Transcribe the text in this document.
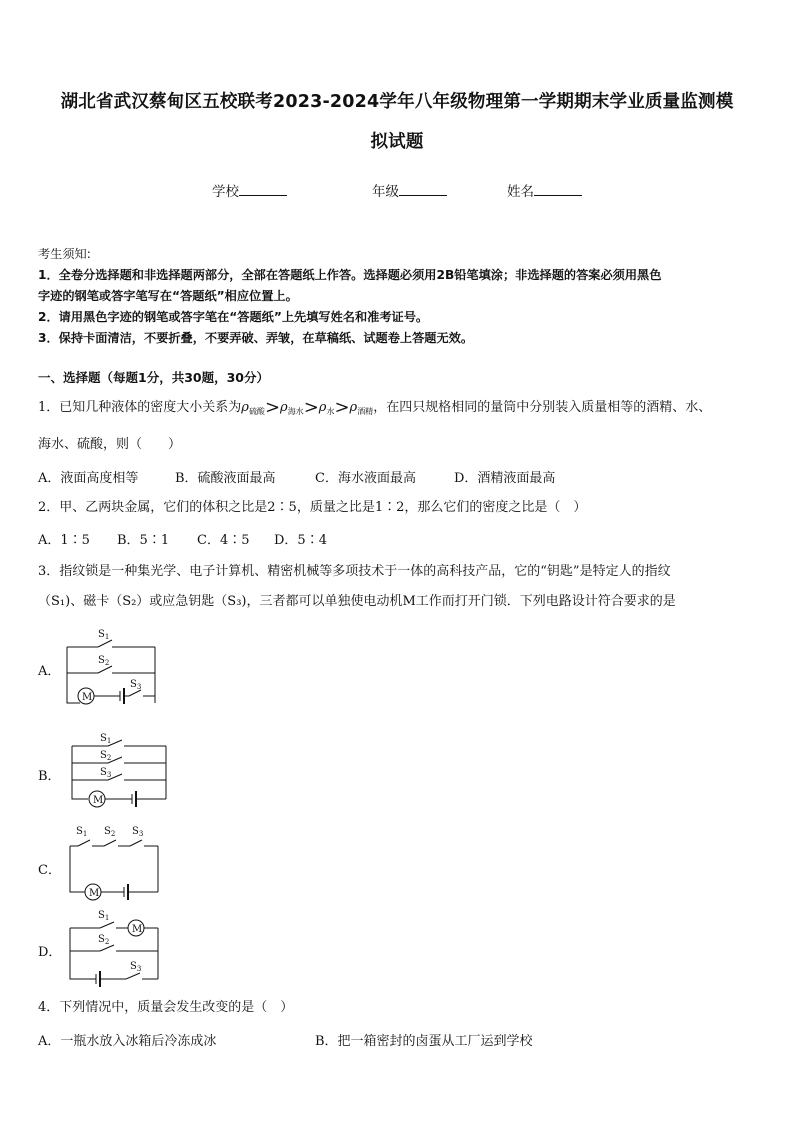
湖北省武汉蔡甸区五校联考2023-2024学年八年级物理第一学期期末学业质量监测模
拟试题
学校	年级	姓名
考生须知:
1．全卷分选择题和非选择题两部分，全部在答题纸上作答。选择题必须用2B铅笔填涂；非选择题的答案必须用黑色
字迹的钢笔或答字笔写在“答题纸”相应位置上。
2．请用黑色字迹的钢笔或答字笔在“答题纸”上先填写姓名和准考证号。
3．保持卡面清洁，不要折叠，不要弄破、弄皱，在草稿纸、试题卷上答题无效。
一、选择题（每题1分，共30题，30分）
1．已知几种液体的密度大小关系为$\rho_{硫酸}>\rho_{海水}>\rho_水>\rho_{酒精}$，在四只规格相同的量筒中分别装入质量相等的酒精、水、
海水、硫酸，则（　　）
A．液面高度相等	B．硫酸液面最高	C．海水液面最高	D．酒精液面最高
2．甲、乙两块金属，它们的体积之比是2∶5，质量之比是1∶2，那么它们的密度之比是（　）
A．1∶5 B．5∶1 C．4∶5 D．5∶4
3．指纹锁是一种集光学、电子计算机、精密机械等多项技术于一体的高科技产品，它的“钥匙”是特定人的指纹
（S₁)、磁卡（S₂）或应急钥匙（S₃)，三者都可以单独使电动机M工作而打开门锁．下列电路设计符合要求的是
A．
M
$S_1$
$S_2$
$S_3$
B．
M
$S_1$
$S_2$
$S_3$
C．
M
$S_1$ $S_2$ $S_3$
D．
M
$S_1$
$S_2$
$S_3$
4．下列情况中，质量会发生改变的是（　）
A．一瓶水放入冰箱后冷冻成冰	B．把一箱密封的卤蛋从工厂运到学校
